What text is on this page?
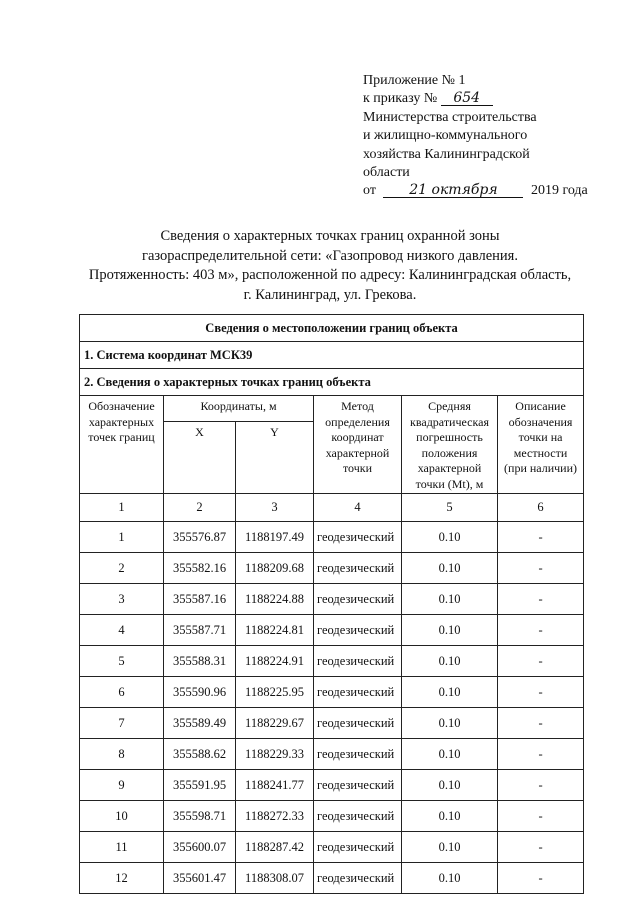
Приложение № 1
к приказу № 654
Министерства строительства
и жилищно-коммунального
хозяйства Калининградской
области
от 21 октября 2019 года
Сведения о характерных точках границ охранной зоны
газораспределительной сети: «Газопровод низкого давления.
Протяженность: 403 м», расположенной по адресу: Калининградская область,
г. Калининград, ул. Грекова.
Сведения о местоположении границ объекта					
1. Система координат МСК39					
2. Сведения о характерных точках границ объекта					
Обозначение характерных точек границ	Координаты, м		Метод определения координат характерной точки	Средняя квадратическая погрешность положения характерной точки (Mt), м	Описание обозначения точки на местности (при наличии)
	X	Y			
1	2	3	4	5	6
1	355576.87	1188197.49	геодезический	0.10	-
2	355582.16	1188209.68	геодезический	0.10	-
3	355587.16	1188224.88	геодезический	0.10	-
4	355587.71	1188224.81	геодезический	0.10	-
5	355588.31	1188224.91	геодезический	0.10	-
6	355590.96	1188225.95	геодезический	0.10	-
7	355589.49	1188229.67	геодезический	0.10	-
8	355588.62	1188229.33	геодезический	0.10	-
9	355591.95	1188241.77	геодезический	0.10	-
10	355598.71	1188272.33	геодезический	0.10	-
11	355600.07	1188287.42	геодезический	0.10	-
12	355601.47	1188308.07	геодезический	0.10	-
